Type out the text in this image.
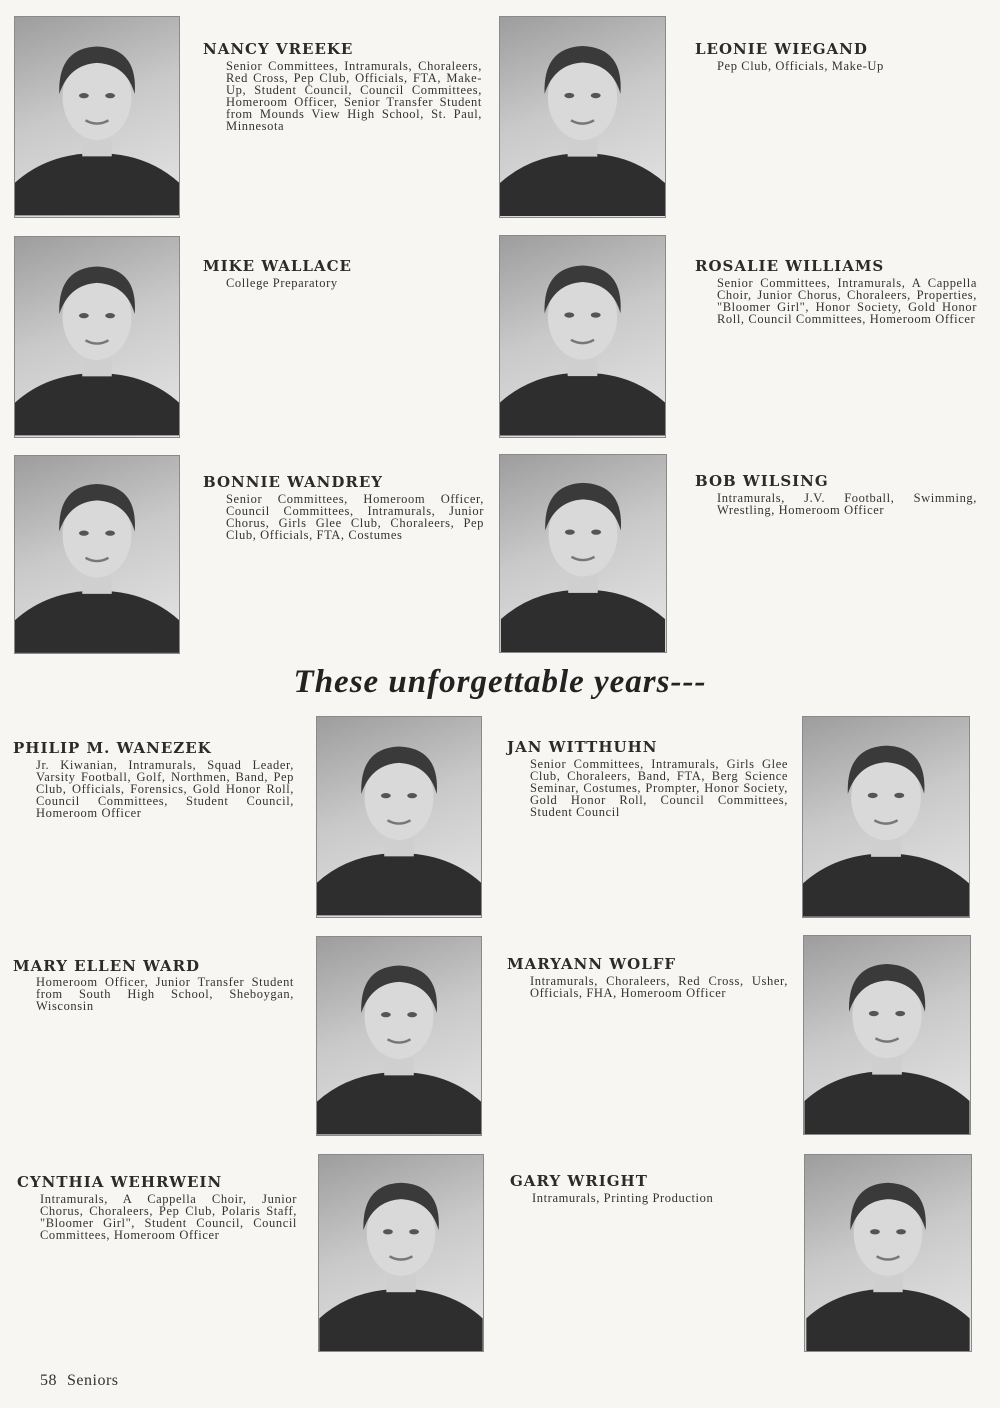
NANCY VREEKE

Senior Committees, Intramurals, Choraleers, Red Cross, Pep Club, Officials, FTA, Make-Up, Student Council, Council Committees, Homeroom Officer, Senior Transfer Student from Mounds View High School, St. Paul, Minnesota

LEONIE WIEGAND

Pep Club, Officials, Make-Up

MIKE WALLACE

College Preparatory

ROSALIE WILLIAMS

Senior Committees, Intramurals, A Cappella Choir, Junior Chorus, Choraleers, Properties, "Bloomer Girl", Honor Society, Gold Honor Roll, Council Committees, Homeroom Officer

BONNIE WANDREY

Senior Committees, Homeroom Officer, Council Committees, Intramurals, Junior Chorus, Girls Glee Club, Choraleers, Pep Club, Officials, FTA, Costumes

BOB WILSING

Intramurals, J.V. Football, Swimming, Wrestling, Homeroom Officer

These unforgettable years---
PHILIP M. WANEZEK

Jr. Kiwanian, Intramurals, Squad Leader, Varsity Football, Golf, Northmen, Band, Pep Club, Officials, Forensics, Gold Honor Roll, Council Committees, Student Council, Homeroom Officer

JAN WITTHUHN

Senior Committees, Intramurals, Girls Glee Club, Choraleers, Band, FTA, Berg Science Seminar, Costumes, Prompter, Honor Society, Gold Honor Roll, Council Committees, Student Council

MARY ELLEN WARD

Homeroom Officer, Junior Transfer Student from South High School, Sheboygan, Wisconsin

MARYANN WOLFF

Intramurals, Choraleers, Red Cross, Usher, Officials, FHA, Homeroom Officer

CYNTHIA WEHRWEIN

Intramurals, A Cappella Choir, Junior Chorus, Choraleers, Pep Club, Polaris Staff, "Bloomer Girl", Student Council, Council Committees, Homeroom Officer

GARY WRIGHT

Intramurals, Printing Production

58 Seniors
